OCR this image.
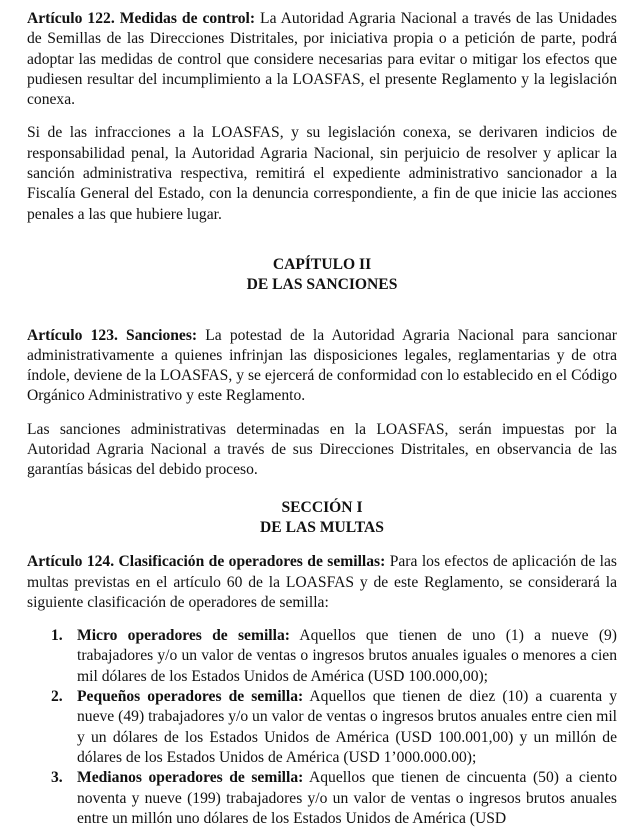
Artículo 122. Medidas de control: La Autoridad Agraria Nacional a través de las Unidades de Semillas de las Direcciones Distritales, por iniciativa propia o a petición de parte, podrá adoptar las medidas de control que considere necesarias para evitar o mitigar los efectos que pudiesen resultar del incumplimiento a la LOASFAS, el presente Reglamento y la legislación conexa.

Si de las infracciones a la LOASFAS, y su legislación conexa, se derivaren indicios de responsabilidad penal, la Autoridad Agraria Nacional, sin perjuicio de resolver y aplicar la sanción administrativa respectiva, remitirá el expediente administrativo sancionador a la Fiscalía General del Estado, con la denuncia correspondiente, a fin de que inicie las acciones penales a las que hubiere lugar.

CAPÍTULO II
DE LAS SANCIONES

Artículo 123. Sanciones: La potestad de la Autoridad Agraria Nacional para sancionar administrativamente a quienes infrinjan las disposiciones legales, reglamentarias y de otra índole, deviene de la LOASFAS, y se ejercerá de conformidad con lo establecido en el Código Orgánico Administrativo y este Reglamento.

Las sanciones administrativas determinadas en la LOASFAS, serán impuestas por la Autoridad Agraria Nacional a través de sus Direcciones Distritales, en observancia de las garantías básicas del debido proceso.

SECCIÓN I
DE LAS MULTAS

Artículo 124. Clasificación de operadores de semillas: Para los efectos de aplicación de las multas previstas en el artículo 60 de la LOASFAS y de este Reglamento, se considerará la siguiente clasificación de operadores de semilla:

1. Micro operadores de semilla: Aquellos que tienen de uno (1) a nueve (9) trabajadores y/o un valor de ventas o ingresos brutos anuales iguales o menores a cien mil dólares de los Estados Unidos de América (USD 100.000,00);
2. Pequeños operadores de semilla: Aquellos que tienen de diez (10) a cuarenta y nueve (49) trabajadores y/o un valor de ventas o ingresos brutos anuales entre cien mil y un dólares de los Estados Unidos de América (USD 100.001,00) y un millón de dólares de los Estados Unidos de América (USD 1’000.000.00);
3. Medianos operadores de semilla: Aquellos que tienen de cincuenta (50) a ciento noventa y nueve (199) trabajadores y/o un valor de ventas o ingresos brutos anuales entre un millón uno dólares de los Estados Unidos de América (USD
